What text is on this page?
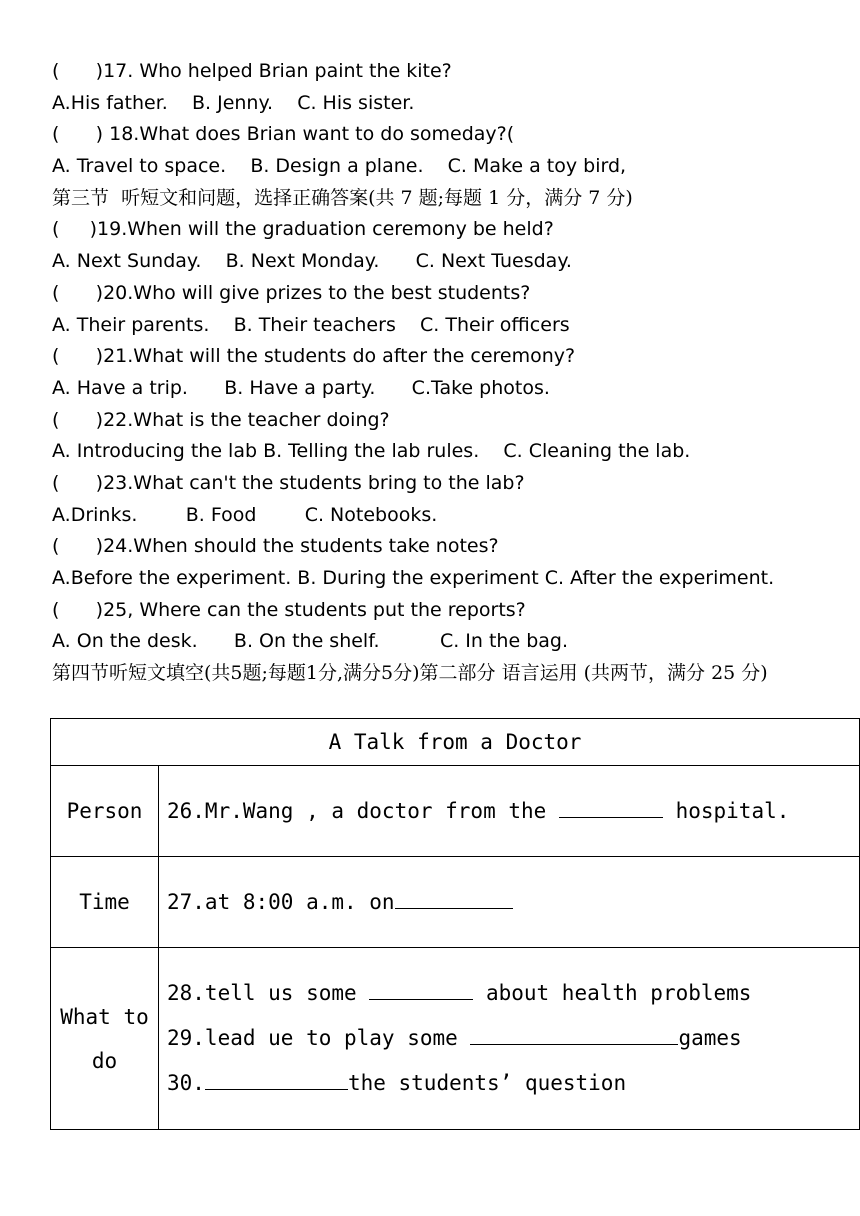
(      )17. Who helped Brian paint the kite?
A.His father.    B. Jenny.    C. His sister.
(      ) 18.What does Brian want to do someday?(
A. Travel to space.    B. Design a plane.    C. Make a toy bird,
第三节  听短文和问题，选择正确答案(共 7 题;每题 1 分，满分 7 分)
(     )19.When will the graduation ceremony be held?
A. Next Sunday.    B. Next Monday.      C. Next Tuesday.
(      )20.Who will give prizes to the best students?
A. Their parents.    B. Their teachers    C. Their officers
(      )21.What will the students do after the ceremony?
A. Have a trip.      B. Have a party.      C.Take photos.
(      )22.What is the teacher doing?
A. Introducing the lab B. Telling the lab rules.    C. Cleaning the lab.
(      )23.What can't the students bring to the lab?
A.Drinks.        B. Food        C. Notebooks.
(      )24.When should the students take notes?
A.Before the experiment. B. During the experiment C. After the experiment.
(      )25, Where can the students put the reports?
A. On the desk.      B. On the shelf.          C. In the bag.
第四节听短文填空(共5题;每题1分,满分5分)第二部分 语言运用 (共两节，满分 25 分)
A Talk from a Doctor	
Person	26.Mr.Wang , a doctor from the hospital.
Time	27.at 8:00 a.m. on
What to do	28.tell us some about health problems
29.lead ue to play some games
30. the students’ question
